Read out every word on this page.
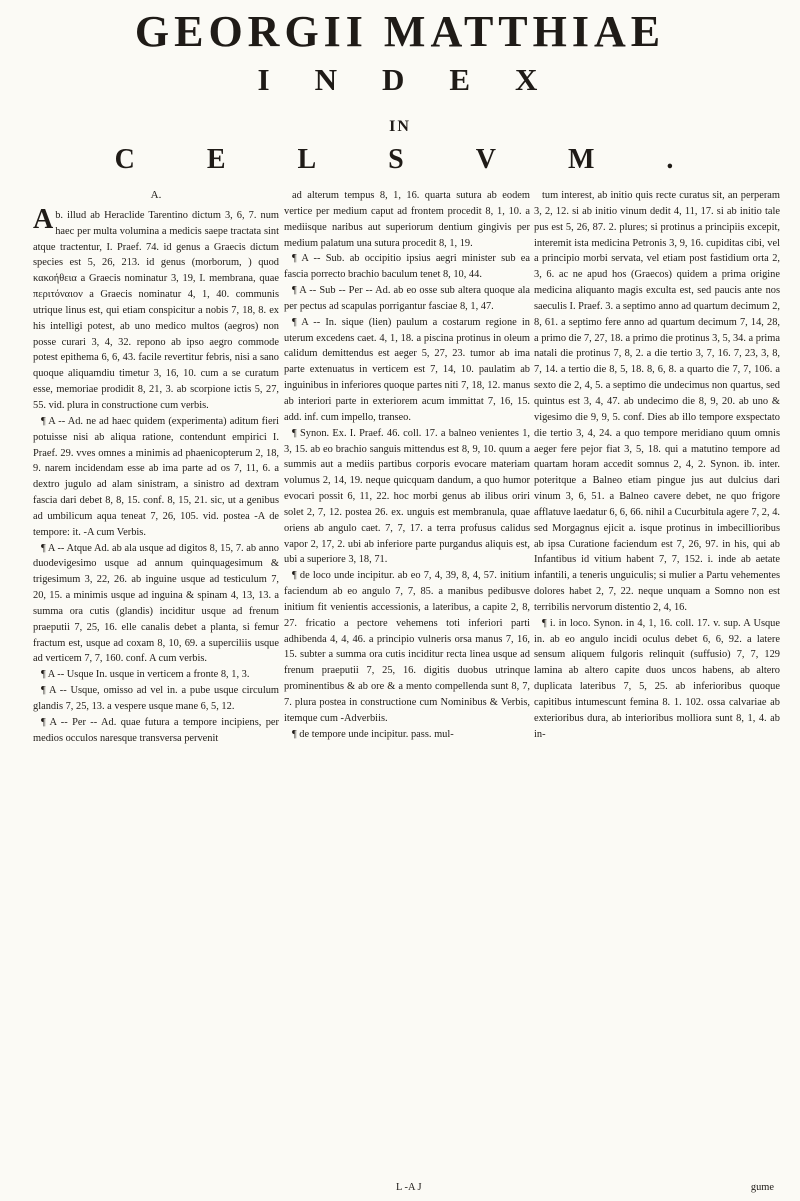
GEORGII MATTHIAE
INDEX
IN
CELSVM.
A.

Ab. illud ab Heraclide Tarentino dictum 3, 6, 7. num haec per multa volumina a medicis saepe tractata sint atque tractentur, I. Praef. 74. id genus a Graecis dictum species est 5, 26, 213. id genus (morborum, ) quod κακοήθεια a Graecis nominatur 3, 19, I. membrana, quae περιτόναιον a Graecis nominatur 4, 1, 40. communis utrique linus est, qui etiam conspicitur a nobis 7, 18, 8. ex his intelligi potest, ab uno medico multos (aegros) non posse curari 3, 4, 32. repono ab ipso aegro commode potest epithema 6, 6, 43. facile revertitur febris, nisi a sano quoque aliquamdiu timetur 3, 16, 10. cum a se curatum esse, memoriae prodidit 8, 21, 3. ab scorpione ictis 5, 27, 55. vid. plura in constructione cum verbis.

¶ A -- Ad. ne ad haec quidem (experimenta) aditum fieri potuisse nisi ab aliqua ratione, contendunt empirici I. Praef. 29. vves omnes a minimis ad phaenicopterum 2, 18, 9. narem incidendam esse ab ima parte ad os 7, 11, 6. a dextro jugulo ad alam sinistram, a sinistro ad dextram fascia dari debet 8, 8, 15. conf. 8, 15, 21. sic, ut a genibus ad umbilicum aqua teneat 7, 26, 105. vid. postea -A de tempore: it. -A cum Verbis.

¶ A -- Atque Ad. ab ala usque ad digitos 8, 15, 7. ab anno duodevigesimo usque ad annum quinquagesimum & trigesimum 3, 22, 26. ab inguine usque ad testiculum 7, 20, 15. a minimis usque ad inguina & spinam 4, 13, 13. a summa ora cutis (glandis) inciditur usque ad frenum praeputii 7, 25, 16. elle canalis debet a planta, si femur fractum est, usque ad coxam 8, 10, 69. a superciliis usque ad verticem 7, 7, 160. conf. A cum verbis.

¶ A -- Usque In. usque in verticem a fronte 8, 1, 3.

¶ A -- Usque, omisso ad vel in. a pube usque circulum glandis 7, 25, 13. a vesperе usque mane 6, 5, 12.

¶ A -- Per -- Ad. quae futura a tempore incipiens, per medios occulos naresque transversa pervenit

ad alterum tempus 8, 1, 16. quarta sutura ab eodem vertice per medium caput ad frontem procedit 8, 1, 10. a mediisque naribus aut superiorum dentium gingivis per medium palatum una sutura procedit 8, 1, 19.

¶ A -- Sub. ab occipitio ipsius aegri minister sub ea fascia porrecto brachio baculum tenet 8, 10, 44.

¶ A -- Sub -- Per -- Ad. ab eo osse sub altera quoque ala per pectus ad scapulas porrigantur fasciae 8, 1, 47.

¶ A -- In. sique (lien) paulum a costarum regione in uterum excedens caet. 4, 1, 18. a piscina protinus in oleum calidum demittendus est aeger 5, 27, 23. tumor ab ima parte extenuatus in verticem est 7, 14, 10. paulatim ab inguinibus in inferiores quoque partes niti 7, 18, 12. manus ab interiori parte in exteriorem acum immittat 7, 16, 15. add. inf. cum impello, transeo.

¶ Synon. Ex. I. Praef. 46. coll. 17. a balneo venientes 1, 3, 15. ab eo brachio sanguis mittendus est 8, 9, 10. quum a summis aut a mediis partibus corporis evocare materiam volumus 2, 14, 19. neque quicquam dandum, a quo humor evocari possit 6, 11, 22. hoc morbi genus ab ilibus oriri solet 2, 7, 12. postea 26. ex. unguis est membranula, quae oriens ab angulo caet. 7, 7, 17. a terra profusus calidus vapor 2, 17, 2. ubi ab inferiore parte purgandus aliquis est, ubi a superiore 3, 18, 71.

¶ de loco unde incipitur. ab eo 7, 4, 39, 8, 4, 57. initium faciendum ab eo angulo 7, 7, 85. a manibus pedibusve initium fit venientis accessionis, a lateribus, a capite 2, 8, 27. fricatio a pectore vehemens toti inferiori parti adhibenda 4, 4, 46. a principio vulneris orsa manus 7, 16, 15. subter a summa ora cutis inciditur recta linea usque ad frenum praeputii 7, 25, 16. digitis duobus utrinque prominentibus & ab ore & a mento compellenda sunt 8, 7, 7. plura postea in constructione cum Nominibus & Verbis, itemque cum -Adverbiis.

¶ de tempore unde incipitur. pass. mul-

L -A J

tum interest, ab initio quis recte curatus sit, an perperam 3, 2, 12. si ab initio vinum dedit 4, 11, 17. si ab initio tale pus est 5, 26, 87. 2. plures; si protinus a principiis excepit, interemit ista medicina Petronis 3, 9, 16. cupiditas cibi, vel a principio morbi servata, vel etiam post fastidium orta 2, 3, 6. ac ne apud hos (Graecos) quidem a prima origine medicina aliquanto magis exculta est, sed paucis ante nos saeculis I. Praef. 3. a septimo anno ad quartum decimum 2, 8, 61. a septimo fere anno ad quartum decimum 7, 14, 28, a primo die 7, 27, 18. a primo die protinus 3, 5, 34. a prima natali die protinus 7, 8, 2. a die tertio 3, 7, 16. 7, 23, 3, 8, 7, 14. a tertio die 8, 5, 18. 8, 6, 8. a quarto die 7, 7, 106. a sexto die 2, 4, 5. a septimo die undecimus non quartus, sed quintus est 3, 4, 47. ab undecimo die 8, 9, 20. ab uno & vigesimo die 9, 9, 5. conf. Dies ab illo tempore exspectato die tertio 3, 4, 24. a quo tempore meridiano quum omnis aeger fere pejor fiat 3, 5, 18. qui a matutino tempore ad quartam horam accedit somnus 2, 4, 2. Synon. ib. inter. poteritque a Balneo etiam pingue jus aut dulcius dari vinum 3, 6, 51. a Balneo cavere debet, ne quo frigore afflatuve laedatur 6, 6, 66. nihil a Cucurbitula agere 7, 2, 4. sed Morgagnus ejicit a. isque protinus in imbecillioribus ab ipsa Curatione faciendum est 7, 26, 97. in his, qui ab Infantibus id vitium habent 7, 7, 152. i. inde ab aetate infantili, a tenеris unguiculis; si mulier a Partu vehementes dolores habet 2, 7, 22. neque unquam a Somno non est terribilis nervorum distentio 2, 4, 16.

¶ i. in loco. Synon. in 4, 1, 16. coll. 17. v. sup. A Usque in. ab eo angulo incidi oculus debet 6, 6, 92. a latere sensum aliquem fulgoris relinquit (suffusio) 7, 7, 129 lamina ab altero capite duos uncos habens, ab altero duplicata lateribus 7, 5, 25. ab inferioribus quoque capitibus intumescunt femina 8. 1. 102. ossa calvariae ab exterioribus dura, ab interioribus molliora sunt 8, 1, 4. ab in-

gume
